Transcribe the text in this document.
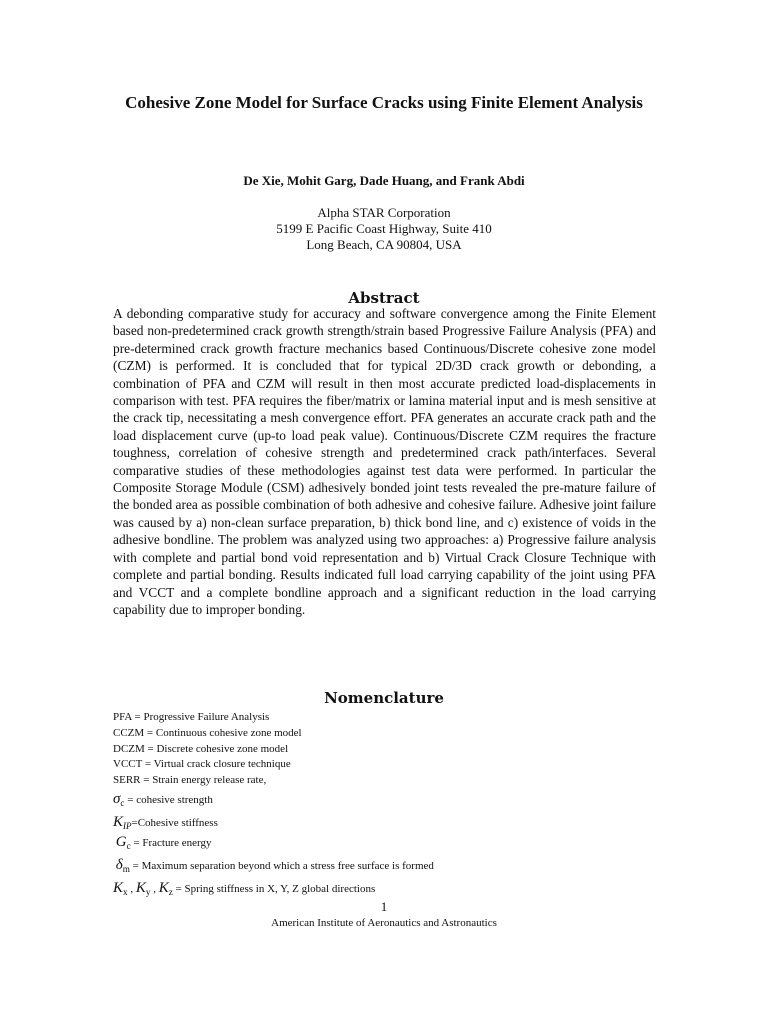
Cohesive Zone Model for Surface Cracks using Finite Element Analysis
De Xie, Mohit Garg, Dade Huang, and Frank Abdi
Alpha STAR Corporation
5199 E Pacific Coast Highway, Suite 410
Long Beach, CA 90804, USA
Abstract
A debonding comparative study for accuracy and software convergence among the Finite Element based non-predetermined crack growth strength/strain based Progressive Failure Analysis (PFA) and pre-determined crack growth fracture mechanics based Continuous/Discrete cohesive zone model (CZM) is performed. It is concluded that for typical 2D/3D crack growth or debonding, a combination of PFA and CZM will result in then most accurate predicted load-displacements in comparison with test. PFA requires the fiber/matrix or lamina material input and is mesh sensitive at the crack tip, necessitating a mesh convergence effort. PFA generates an accurate crack path and the load displacement curve (up-to load peak value). Continuous/Discrete CZM requires the fracture toughness, correlation of cohesive strength and predetermined crack path/interfaces. Several comparative studies of these methodologies against test data were performed. In particular the Composite Storage Module (CSM) adhesively bonded joint tests revealed the pre-mature failure of the bonded area as possible combination of both adhesive and cohesive failure. Adhesive joint failure was caused by a) non-clean surface preparation, b) thick bond line, and c) existence of voids in the adhesive bondline. The problem was analyzed using two approaches: a) Progressive failure analysis with complete and partial bond void representation and b) Virtual Crack Closure Technique with complete and partial bonding. Results indicated full load carrying capability of the joint using PFA and VCCT and a complete bondline approach and a significant reduction in the load carrying capability due to improper bonding.
Nomenclature
PFA = Progressive Failure Analysis
CCZM = Continuous cohesive zone model
DCZM = Discrete cohesive zone model
VCCT = Virtual crack closure technique
SERR = Strain energy release rate,
$\sigma_c$ = cohesive strength
$K_{IP}=Cohesive$ stiffness
$G_c$ = Fracture energy
$\delta_m$ = Maximum separation beyond which a stress free surface is formed
$K_x$ , $K_y$ , $K_z$ = Spring stiffness in X, Y, Z global directions
1
American Institute of Aeronautics and Astronautics
